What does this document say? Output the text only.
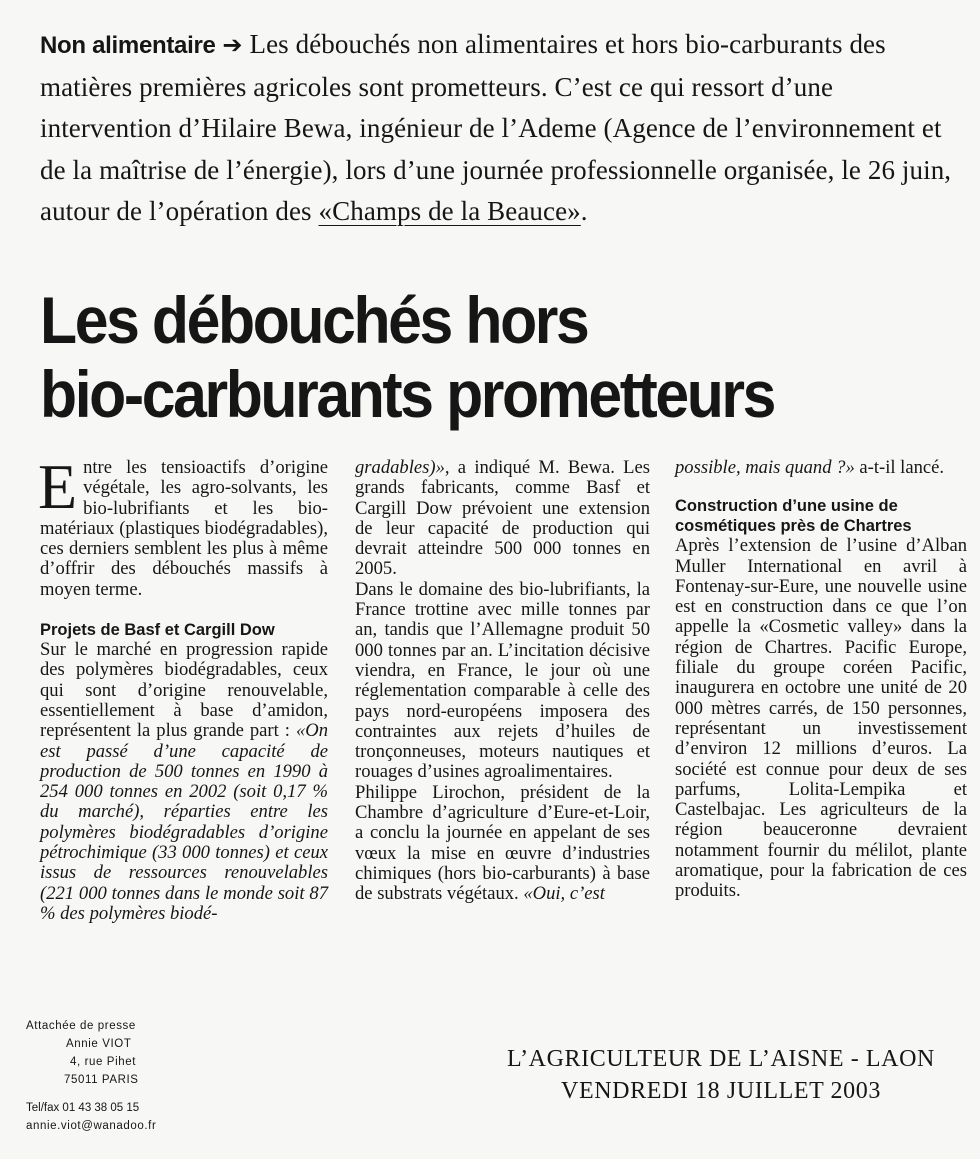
Non alimentaire ➔ Les débouchés non alimentaires et hors bio-carburants des matières premières agricoles sont prometteurs. C’est ce qui ressort d’une intervention d’Hilaire Bewa, ingénieur de l’Ademe (Agence de l’environnement et de la maîtrise de l’énergie), lors d’une journée professionnelle organisée, le 26 juin, autour de l’opération des «Champs de la Beauce».
Les débouchés hors
bio-carburants prometteurs

Entre les tensioactifs d’origine végétale, les agro-solvants, les bio-lubrifiants et les bio-matériaux (plastiques biodégradables), ces derniers semblent les plus à même d’offrir des débouchés massifs à moyen terme.

Projets de Basf et Cargill Dow

Sur le marché en progression rapide des polymères biodégradables, ceux qui sont d’origine renouvelable, essentiellement à base d’amidon, représentent la plus grande part : «On est passé d’une capacité de production de 500 tonnes en 1990 à 254 000 tonnes en 2002 (soit 0,17 % du marché), réparties entre les polymères biodégradables d’origine pétrochimique (33 000 tonnes) et ceux issus de ressources renouvelables (221 000 tonnes dans le monde soit 87 % des polymères biodé-

gradables)», a indiqué M. Bewa. Les grands fabricants, comme Basf et Cargill Dow prévoient une extension de leur capacité de production qui devrait atteindre 500 000 tonnes en 2005.

Dans le domaine des bio-lubrifiants, la France trottine avec mille tonnes par an, tandis que l’Allemagne produit 50 000 tonnes par an. L’incitation décisive viendra, en France, le jour où une réglementation comparable à celle des pays nord-européens imposera des contraintes aux rejets d’huiles de tronçonneuses, moteurs nautiques et rouages d’usines agroalimentaires.

Philippe Lirochon, président de la Chambre d’agriculture d’Eure-et-Loir, a conclu la journée en appelant de ses vœux la mise en œuvre d’industries chimiques (hors bio-carburants) à base de substrats végétaux. «Oui, c’est

possible, mais quand ?» a-t-il lancé.

Construction d’une usine de cosmétiques près de Chartres

Après l’extension de l’usine d’Alban Muller International en avril à Fontenay-sur-Eure, une nouvelle usine est en construction dans ce que l’on appelle la «Cosmetic valley» dans la région de Chartres. Pacific Europe, filiale du groupe coréen Pacific, inaugurera en octobre une unité de 20 000 mètres carrés, de 150 personnes, représentant un investissement d’environ 12 millions d’euros. La société est connue pour deux de ses parfums, Lolita-Lempika et Castelbajac. Les agriculteurs de la région beauceronne devraient notamment fournir du mélilot, plante aromatique, pour la fabrication de ces produits.

Attachée de presse
Annie VIOT
4, rue Pihet
75011 PARIS
Tel/fax 01 43 38 05 15
annie.viot@wanadoo.fr
L’AGRICULTEUR DE L’AISNE - LAON
VENDREDI 18 JUILLET 2003
